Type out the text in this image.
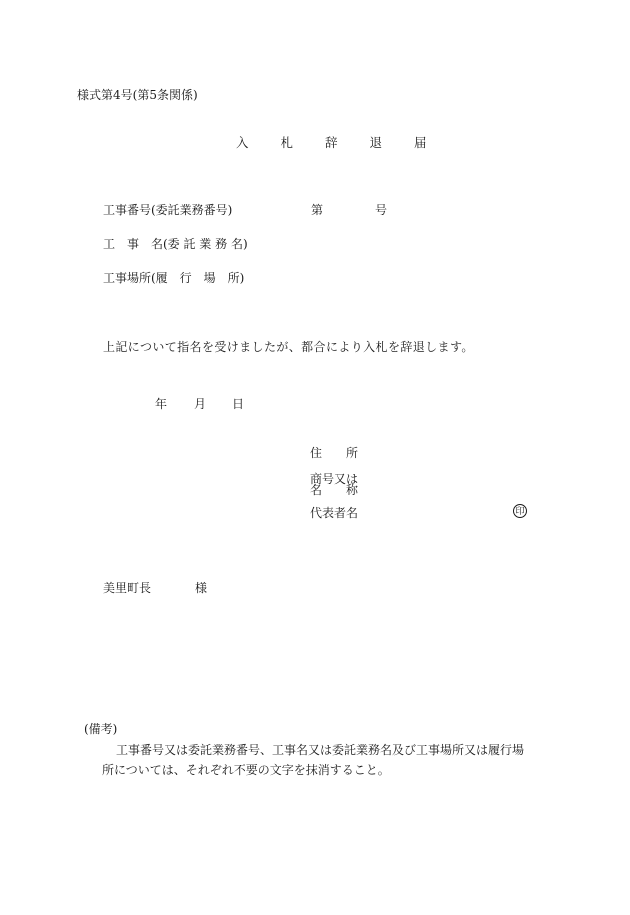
様式第4号(第5条関係)
入 札 辞 退 届
工事番号(委託業務番号)	第	号
工　事　名(委 託 業 務 名)
工事場所(履　行　場　所)
上記について指名を受けましたが、都合により入札を辞退します。
年 月 日
住　　所
商号又は
名　　称
代表者名	印
美里町長	様
(備考)
工事番号又は委託業務番号、工事名又は委託業務名及び工事場所又は履行場
所については、それぞれ不要の文字を抹消すること。
